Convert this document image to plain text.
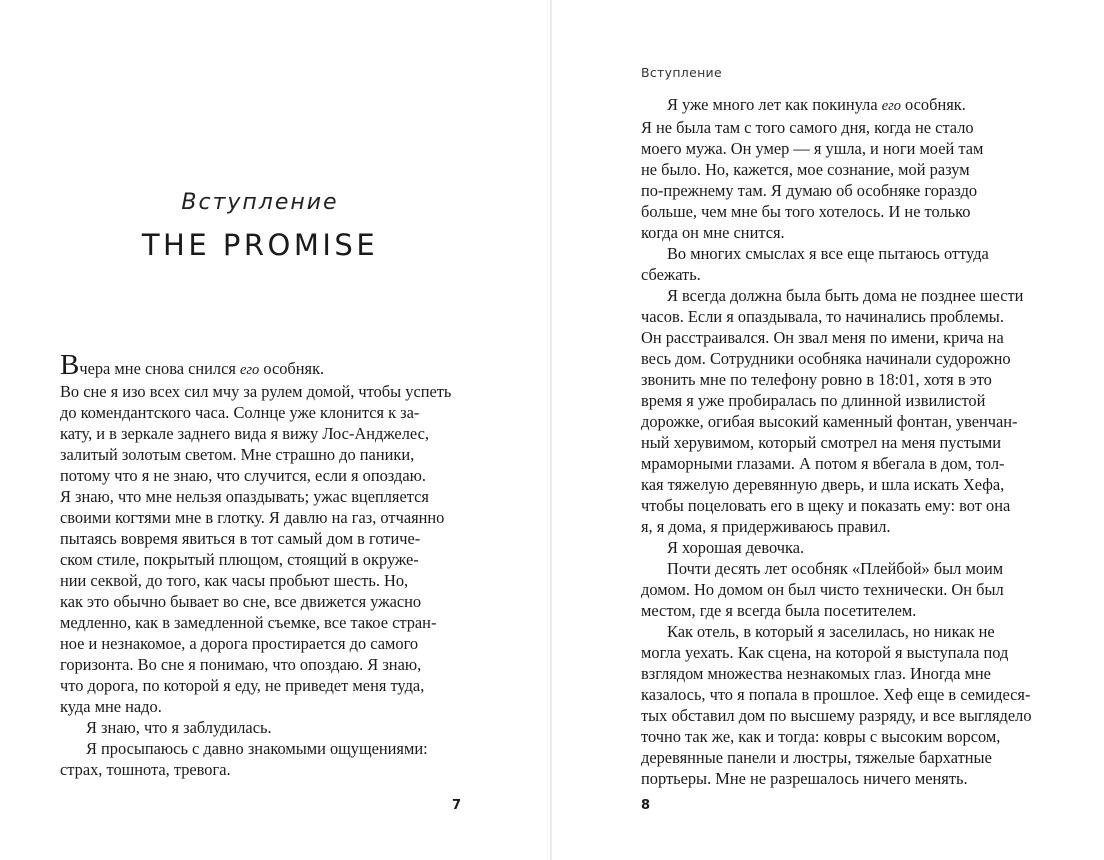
Вступление
THE PROMISE
Вчера мне снова снился его особняк.
Во сне я изо всех сил мчу за рулем домой, чтобы успеть
до комендантского часа. Солнце уже клонится к за-
кату, и в зеркале заднего вида я вижу Лос-Анджелес,
залитый золотым светом. Мне страшно до паники,
потому что я не знаю, что случится, если я опоздаю.
Я знаю, что мне нельзя опаздывать; ужас вцепляется
своими когтями мне в глотку. Я давлю на газ, отчаянно
пытаясь вовремя явиться в тот самый дом в готиче-
ском стиле, покрытый плющом, стоящий в окруже-
нии секвой, до того, как часы пробьют шесть. Но,
как это обычно бывает во сне, все движется ужасно
медленно, как в замедленной съемке, все такое стран-
ное и незнакомое, а дорога простирается до самого
горизонта. Во сне я понимаю, что опоздаю. Я знаю,
что дорога, по которой я еду, не приведет меня туда,
куда мне надо.
Я знаю, что я заблудилась.
Я просыпаюсь с давно знакомыми ощущениями:
страх, тошнота, тревога.
7
Вступление
Я уже много лет как покинула его особняк.
Я не была там с того самого дня, когда не стало
моего мужа. Он умер — я ушла, и ноги моей там
не было. Но, кажется, мое сознание, мой разум
по-прежнему там. Я думаю об особняке гораздо
больше, чем мне бы того хотелось. И не только
когда он мне снится.
Во многих смыслах я все еще пытаюсь оттуда
сбежать.
Я всегда должна была быть дома не позднее шести
часов. Если я опаздывала, то начинались проблемы.
Он расстраивался. Он звал меня по имени, крича на
весь дом. Сотрудники особняка начинали судорожно
звонить мне по телефону ровно в 18:01, хотя в это
время я уже пробиралась по длинной извилистой
дорожке, огибая высокий каменный фонтан, увенчан-
ный херувимом, который смотрел на меня пустыми
мраморными глазами. А потом я вбегала в дом, тол-
кая тяжелую деревянную дверь, и шла искать Хефа,
чтобы поцеловать его в щеку и показать ему: вот она
я, я дома, я придерживаюсь правил.
Я хорошая девочка.
Почти десять лет особняк «Плейбой» был моим
домом. Но домом он был чисто технически. Он был
местом, где я всегда была посетителем.
Как отель, в который я заселилась, но никак не
могла уехать. Как сцена, на которой я выступала под
взглядом множества незнакомых глаз. Иногда мне
казалось, что я попала в прошлое. Хеф еще в семидеся-
тых обставил дом по высшему разряду, и все выглядело
точно так же, как и тогда: ковры с высоким ворсом,
деревянные панели и люстры, тяжелые бархатные
портьеры. Мне не разрешалось ничего менять.
8
